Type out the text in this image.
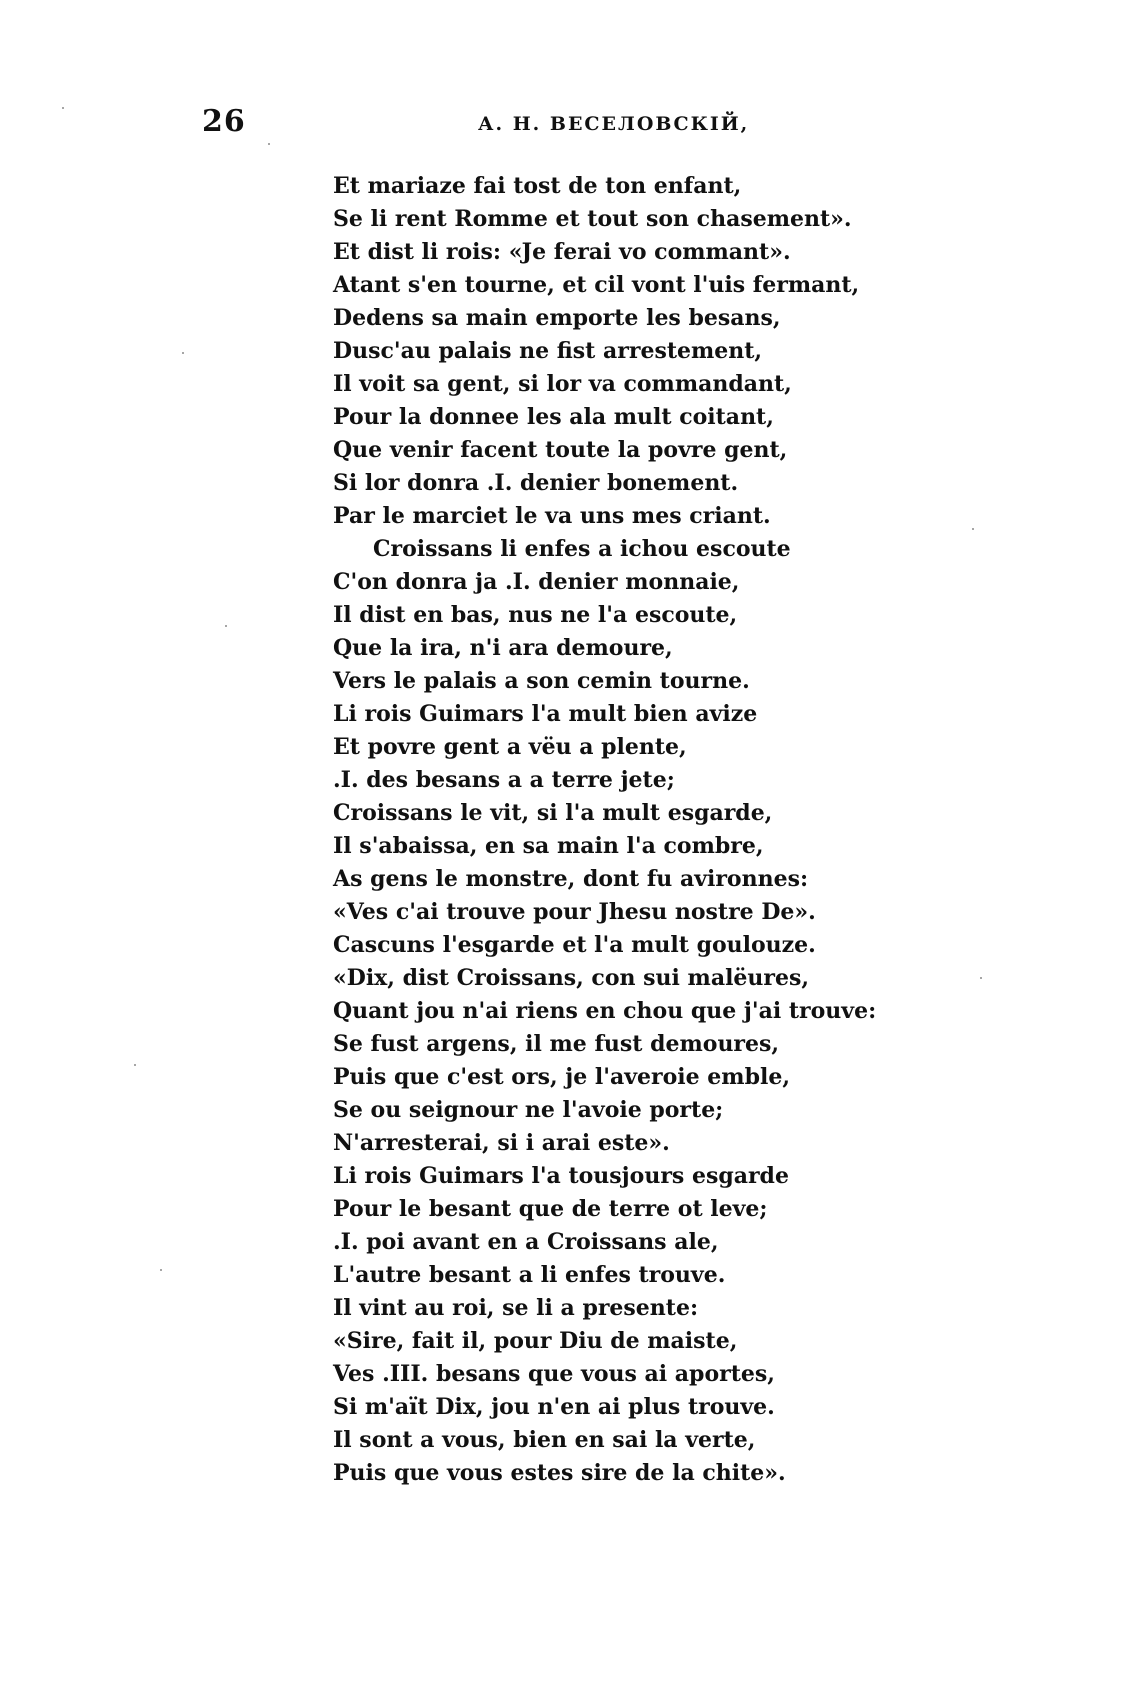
26	А. Н. ВЕСЕЛОВСКІЙ,
Et mariaze fai tost de ton enfant,
Se li rent Romme et tout son chasement».
Et dist li rois: «Je ferai vo commant».
Atant s'en tourne, et cil vont l'uis fermant,
Dedens sa main emporte les besans,
Dusc'au palais ne fist arrestement,
Il voit sa gent, si lor va commandant,
Pour la donnee les ala mult coitant,
Que venir facent toute la povre gent,
Si lor donra .I. denier bonement.
Par le marciet le va uns mes criant.
Croissans li enfes a ichou escoute
C'on donra ja .I. denier monnaie,
Il dist en bas, nus ne l'a escoute,
Que la ira, n'i ara demoure,
Vers le palais a son cemin tourne.
Li rois Guimars l'a mult bien avize
Et povre gent a vëu a plente,
.I. des besans a a terre jete;
Croissans le vit, si l'a mult esgarde,
Il s'abaissa, en sa main l'a combre,
As gens le monstre, dont fu avironnes:
«Ves c'ai trouve pour Jhesu nostre De».
Cascuns l'esgarde et l'a mult goulouze.
«Dix, dist Croissans, con sui malëures,
Quant jou n'ai riens en chou que j'ai trouve:
Se fust argens, il me fust demoures,
Puis que c'est ors, je l'averoie emble,
Se ou seignour ne l'avoie porte;
N'arresterai, si i arai este».
Li rois Guimars l'a tousjours esgarde
Pour le besant que de terre ot leve;
.I. poi avant en a Croissans ale,
L'autre besant a li enfes trouve.
Il vint au roi, se li a presente:
«Sire, fait il, pour Diu de maiste,
Ves .III. besans que vous ai aportes,
Si m'aït Dix, jou n'en ai plus trouve.
Il sont a vous, bien en sai la verte,
Puis que vous estes sire de la chite».
